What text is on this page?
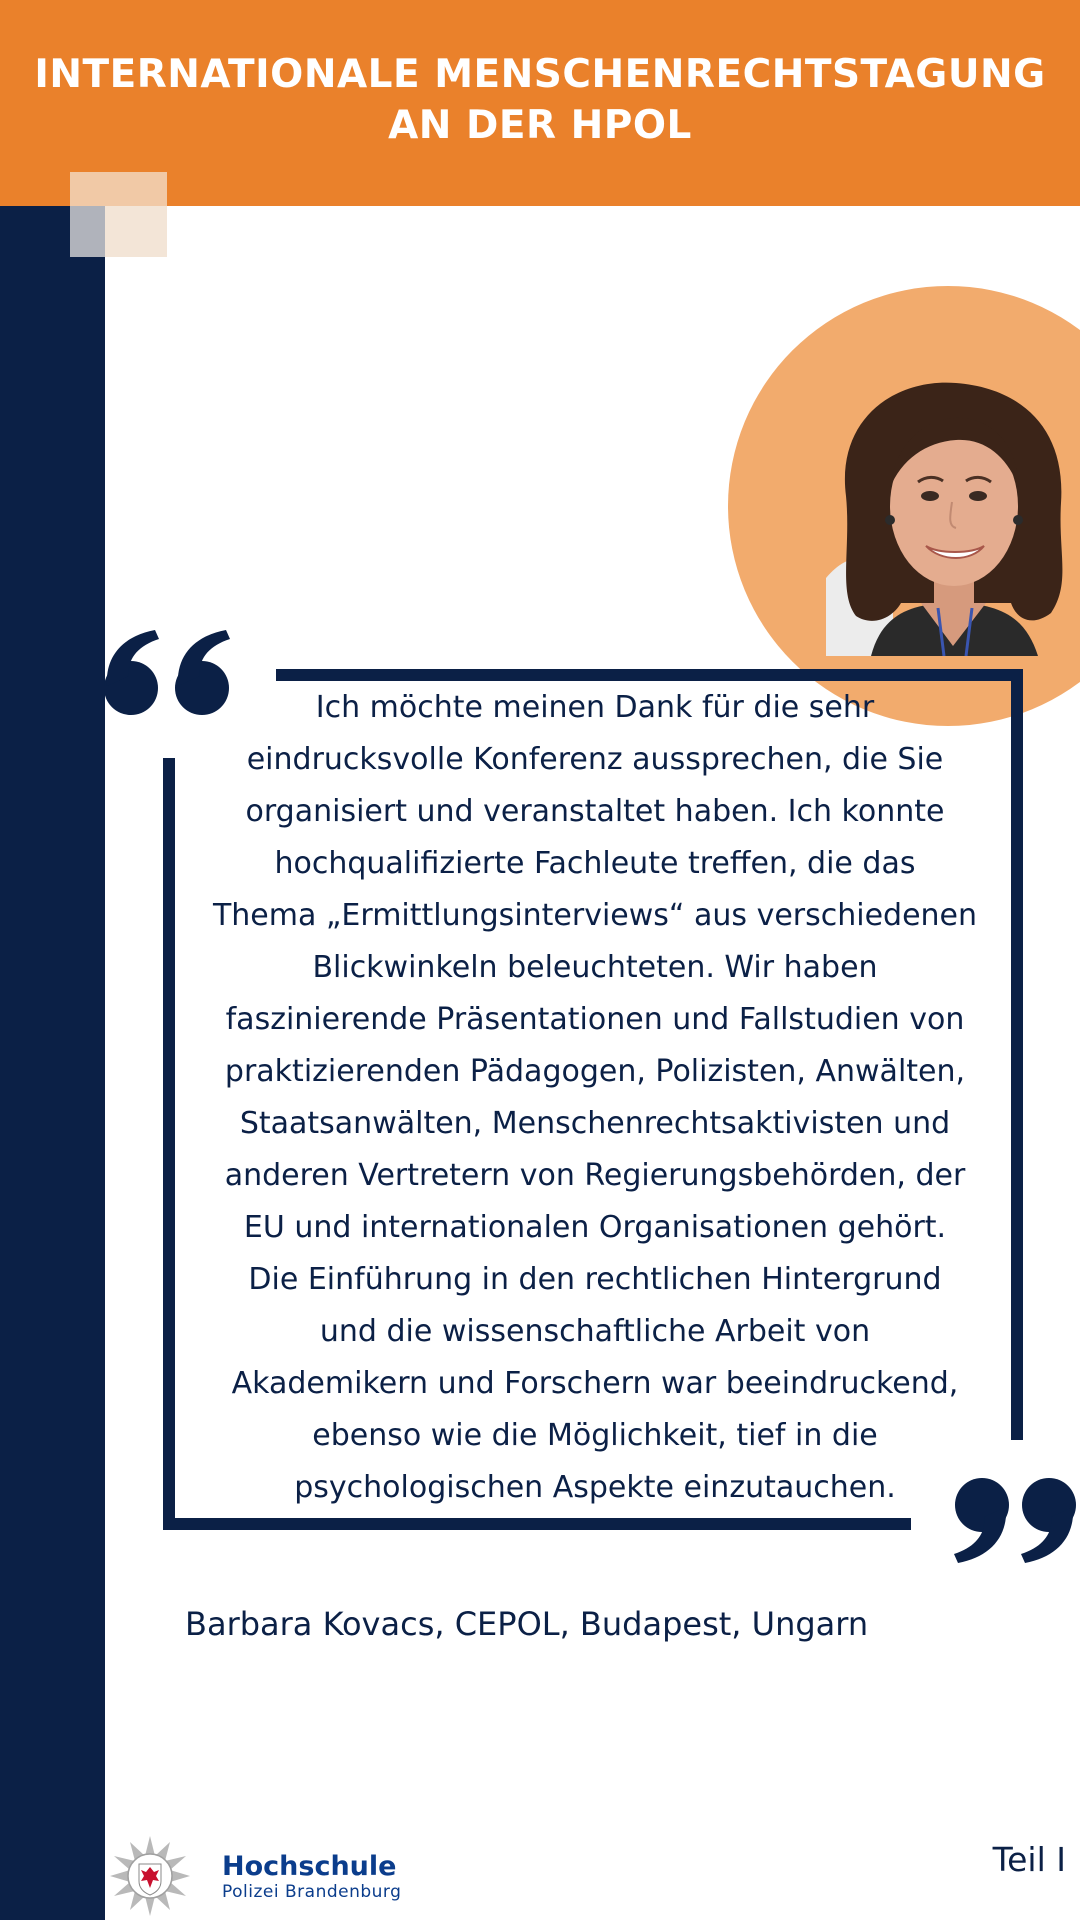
INTERNATIONALE MENSCHENRECHTSTAGUNG
AN DER HPOL
Ich möchte meinen Dank für die sehr
eindrucksvolle Konferenz aussprechen, die Sie
organisiert und veranstaltet haben. Ich konnte
hochqualifizierte Fachleute treffen, die das
Thema „Ermittlungsinterviews“ aus verschiedenen
Blickwinkeln beleuchteten. Wir haben
faszinierende Präsentationen und Fallstudien von
praktizierenden Pädagogen, Polizisten, Anwälten,
Staatsanwälten, Menschenrechtsaktivisten und
anderen Vertretern von Regierungsbehörden, der
EU und internationalen Organisationen gehört.
Die Einführung in den rechtlichen Hintergrund
und die wissenschaftliche Arbeit von
Akademikern und Forschern war beeindruckend,
ebenso wie die Möglichkeit, tief in die
psychologischen Aspekte einzutauchen.
Barbara Kovacs, CEPOL, Budapest, Ungarn
Hochschule
Polizei Brandenburg
Teil I
